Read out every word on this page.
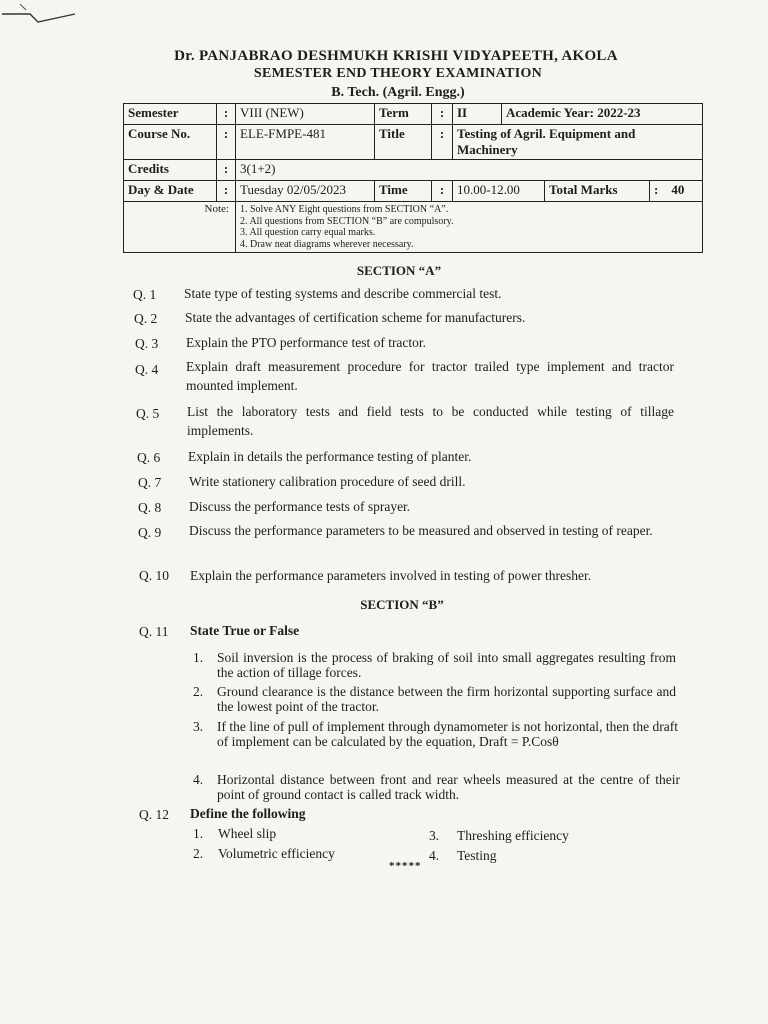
Dr. PANJABRAO DESHMUKH KRISHI VIDYAPEETH, AKOLA
SEMESTER END THEORY EXAMINATION
B. Tech. (Agril. Engg.)
Semester	:	VIII (NEW)	Term	:	II	Academic Year: 2022-23		
Course No.	:	ELE-FMPE-481	Title	:	Testing of Agril. Equipment and Machinery			
Credits	:	3(1+2)						
Day & Date	:	Tuesday 02/05/2023	Time	:	10.00-12.00		Total Marks	: 40
Note:		1. Solve ANY Eight questions from SECTION “A”.
2. All questions from SECTION “B” are compulsory.
3. All question carry equal marks.
4. Draw neat diagrams wherever necessary.						
SECTION “A”
Q. 1 State type of testing systems and describe commercial test.
Q. 2 State the advantages of certification scheme for manufacturers.
Q. 3 Explain the PTO performance test of tractor.
Q. 4 Explain draft measurement procedure for tractor trailed type implement and tractor mounted implement.
Q. 5 List the laboratory tests and field tests to be conducted while testing of tillage implements.
Q. 6 Explain in details the performance testing of planter.
Q. 7 Write stationery calibration procedure of seed drill.
Q. 8 Discuss the performance tests of sprayer.
Q. 9 Discuss the performance parameters to be measured and observed in testing of reaper.
Q. 10 Explain the performance parameters involved in testing of power thresher.
SECTION “B”
Q. 11 State True or False
1. Soil inversion is the process of braking of soil into small aggregates resulting from the action of tillage forces.
2. Ground clearance is the distance between the firm horizontal supporting surface and the lowest point of the tractor.
3. If the line of pull of implement through dynamometer is not horizontal, then the draft of implement can be calculated by the equation, Draft = P.Cosθ
4. Horizontal distance between front and rear wheels measured at the centre of their point of ground contact is called track width.
Q. 12 Define the following
1. Wheel slip
2. Volumetric efficiency
3. Threshing efficiency
4. Testing
*****
